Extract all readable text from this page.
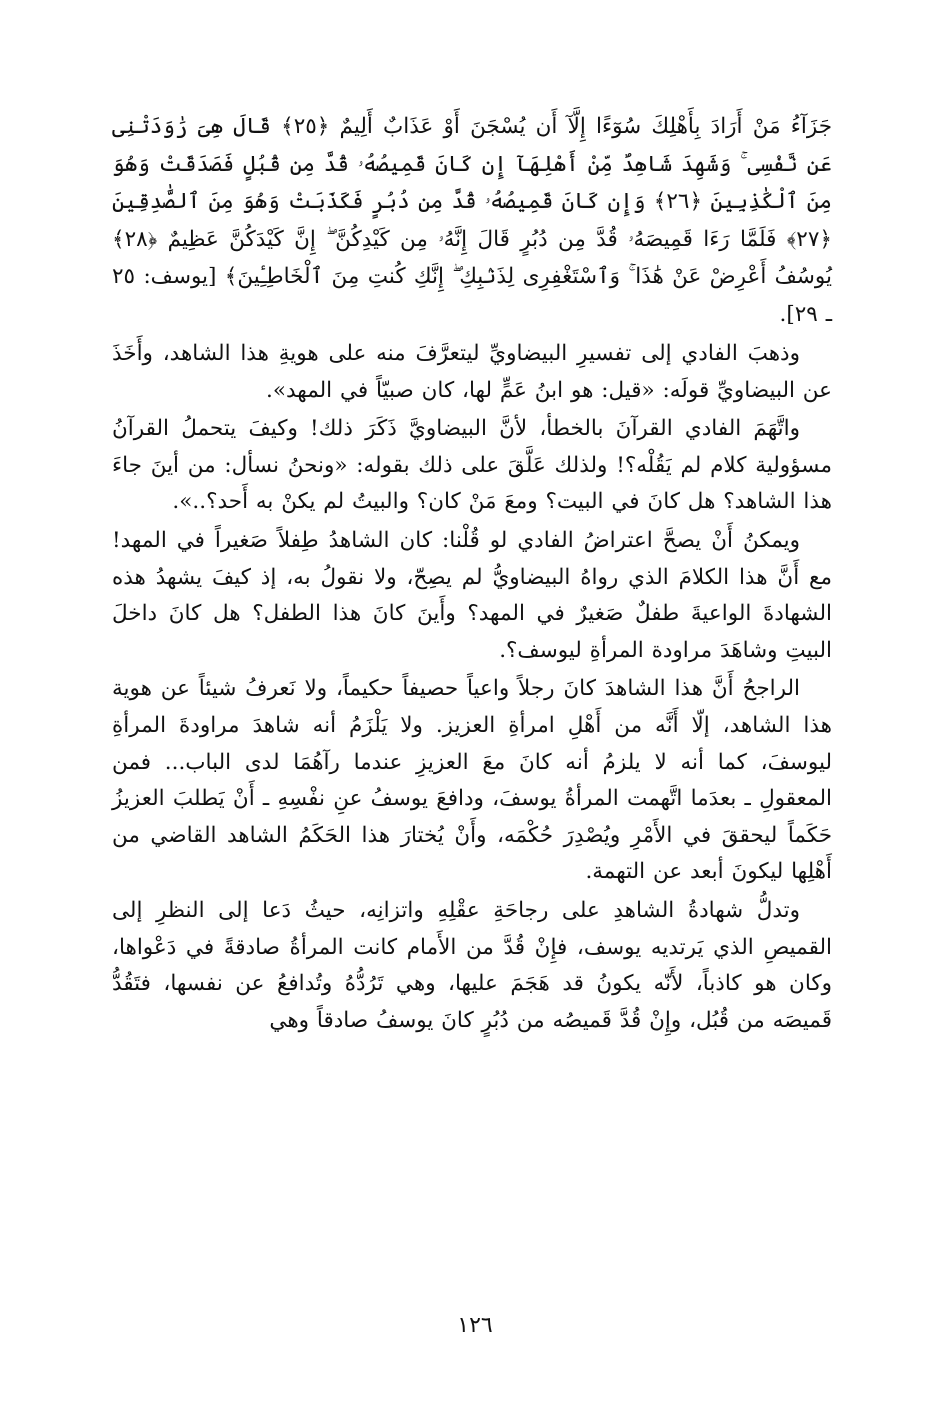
جَزَآءُ مَنْ أَرَادَ بِأَهْلِكَ سُوٓءًا إِلَّآ أَن يُسْجَنَ أَوْ عَذَابٌ أَلِيمٌ ﴿٢٥﴾ قَالَ هِىَ رَٰوَدَتْنِى عَن نَّفْسِى ۚ وَشَهِدَ شَاهِدٌ مِّنْ أَهْلِهَآ إِن كَانَ قَمِيصُهُۥ قُدَّ مِن قُبُلٍ فَصَدَقَتْ وَهُوَ مِنَ ٱلْكَٰذِبِينَ ﴿٢٦﴾ وَإِن كَانَ قَمِيصُهُۥ قُدَّ مِن دُبُرٍ فَكَذَبَتْ وَهُوَ مِنَ ٱلصَّٰدِقِينَ ﴿٢٧﴾ فَلَمَّا رَءَا قَمِيصَهُۥ قُدَّ مِن دُبُرٍ قَالَ إِنَّهُۥ مِن كَيْدِكُنَّ ۖ إِنَّ كَيْدَكُنَّ عَظِيمٌ ﴿٢٨﴾ يُوسُفُ أَعْرِضْ عَنْ هَٰذَا ۚ وَٱسْتَغْفِرِى لِذَنۢبِكِ ۖ إِنَّكِ كُنتِ مِنَ ٱلْخَاطِـِٔينَ﴾ [يوسف: ٢٥ ـ ٢٩].

وذهبَ الفادي إلى تفسيرِ البيضاويِّ ليتعرَّفَ منه على هويةِ هذا الشاهد، وأَخَذَ عن البيضاويِّ قولَه: «قيل: هو ابنُ عَمٍّ لها، كان صبيّاً في المهد».

واتَّهَمَ الفادي القرآنَ بالخطأ، لأنَّ البيضاويَّ ذَكَرَ ذلك! وكيفَ يتحملُ القرآنُ مسؤولية كلام لم يَقُلْه؟! ولذلك عَلَّقَ على ذلك بقوله: «ونحنُ نسأل: من أينَ جاءَ هذا الشاهد؟ هل كانَ في البيت؟ ومعَ مَنْ كان؟ والبيتُ لم يكنْ به أَحد؟..».

ويمكنُ أَنْ يصحَّ اعتراضُ الفادي لو قُلْنا: كان الشاهدُ طِفلاً صَغيراً في المهد! مع أَنَّ هذا الكلامَ الذي رواهُ البيضاويُّ لم يصِحّ، ولا نقولُ به، إذ كيفَ يشهدُ هذه الشهادةَ الواعيةَ طفلٌ صَغيرٌ في المهد؟ وأَينَ كانَ هذا الطفل؟ هل كانَ داخلَ البيتِ وشاهَدَ مراودة المرأةِ ليوسف؟.

الراجحُ أَنَّ هذا الشاهدَ كانَ رجلاً واعياً حصيفاً حكيماً، ولا نَعرفُ شيئاً عن هوية هذا الشاهد، إلّا أَنَّه من أَهْلِ امرأةِ العزيز. ولا يَلْزَمُ أنه شاهدَ مراودةَ المرأةِ ليوسفَ، كما أنه لا يلزمُ أنه كانَ معَ العزيزِ عندما رآهُمَا لدى الباب... فمن المعقولِ ـ بعدَما اتَّهمت المرأةُ يوسفَ، ودافعَ يوسفُ عنِ نفْسِهِ ـ أَنْ يَطلبَ العزيزُ حَكَماً ليحققَ في الأَمْرِ ويُصْدِرَ حُكْمَه، وأَنْ يُختارَ هذا الحَكَمُ الشاهد القاضي من أَهْلِها ليكونَ أبعد عن التهمة.

وتدلُّ شهادةُ الشاهدِ على رجاحَةِ عقْلِهِ واتزانِه، حيثُ دَعا إلى النظرِ إلى القميصِ الذي يَرتديه يوسف، فإِنْ قُدَّ من الأَمام كانت المرأةُ صادقةً في دَعْواها، وكان هو كاذباً، لأَنّه يكونُ قد هَجَمَ عليها، وهي تَرُدُّهُ وتُدافعُ عن نفسها، فتَقُدُّ قَميصَه من قُبُل، وإِنْ قُدَّ قَميصُه من دُبُرٍ كانَ يوسفُ صادقاً وهي

١٢٦
